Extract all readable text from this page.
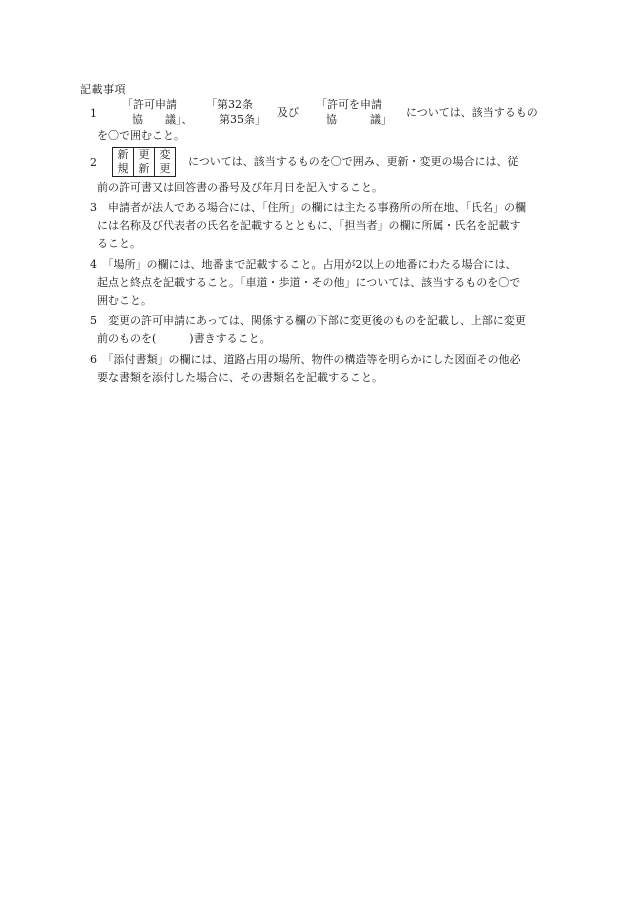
記載事項
1
「許可申請
協　　議」、
「第32条
第35条」
及び
「許可を申請
協　　　議」
については、該当するもの
を〇で囲むこと。
2
新	更	変
規	新	更
については、該当するものを〇で囲み、更新・変更の場合には、従
前の許可書又は回答書の番号及び年月日を記入すること。
3　申請者が法人である場合には、「住所」の欄には主たる事務所の所在地、「氏名」の欄
には名称及び代表者の氏名を記載するとともに、「担当者」の欄に所属・氏名を記載す
ること。
4　「場所」の欄には、地番まで記載すること。占用が2以上の地番にわたる場合には、
起点と終点を記載すること。「車道・歩道・その他」については、該当するものを〇で
囲むこと。
5　変更の許可申請にあっては、関係する欄の下部に変更後のものを記載し、上部に変更
前のものを(　　　)書きすること。
6　「添付書類」の欄には、道路占用の場所、物件の構造等を明らかにした図面その他必
要な書類を添付した場合に、その書類名を記載すること。
